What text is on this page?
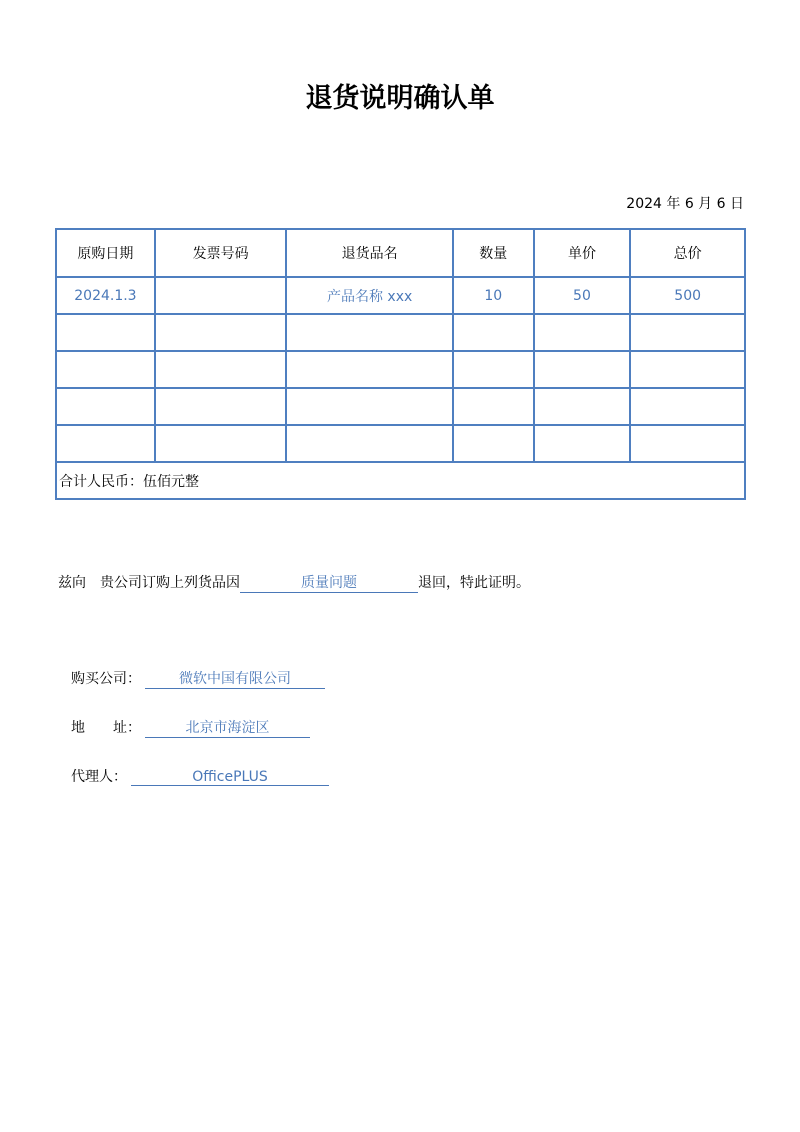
退货说明确认单
2024 年 6 月 6 日
原购日期	发票号码	退货品名	数量	单价	总价
2024.1.3		产品名称 xxx	10	50	500

合计人民币：伍佰元整					
兹向　贵公司订购上列货品因	质量问题	退回，特此证明。
购买公司：	微软中国有限公司
地　　址：	北京市海淀区
代理人：	OfficePLUS
